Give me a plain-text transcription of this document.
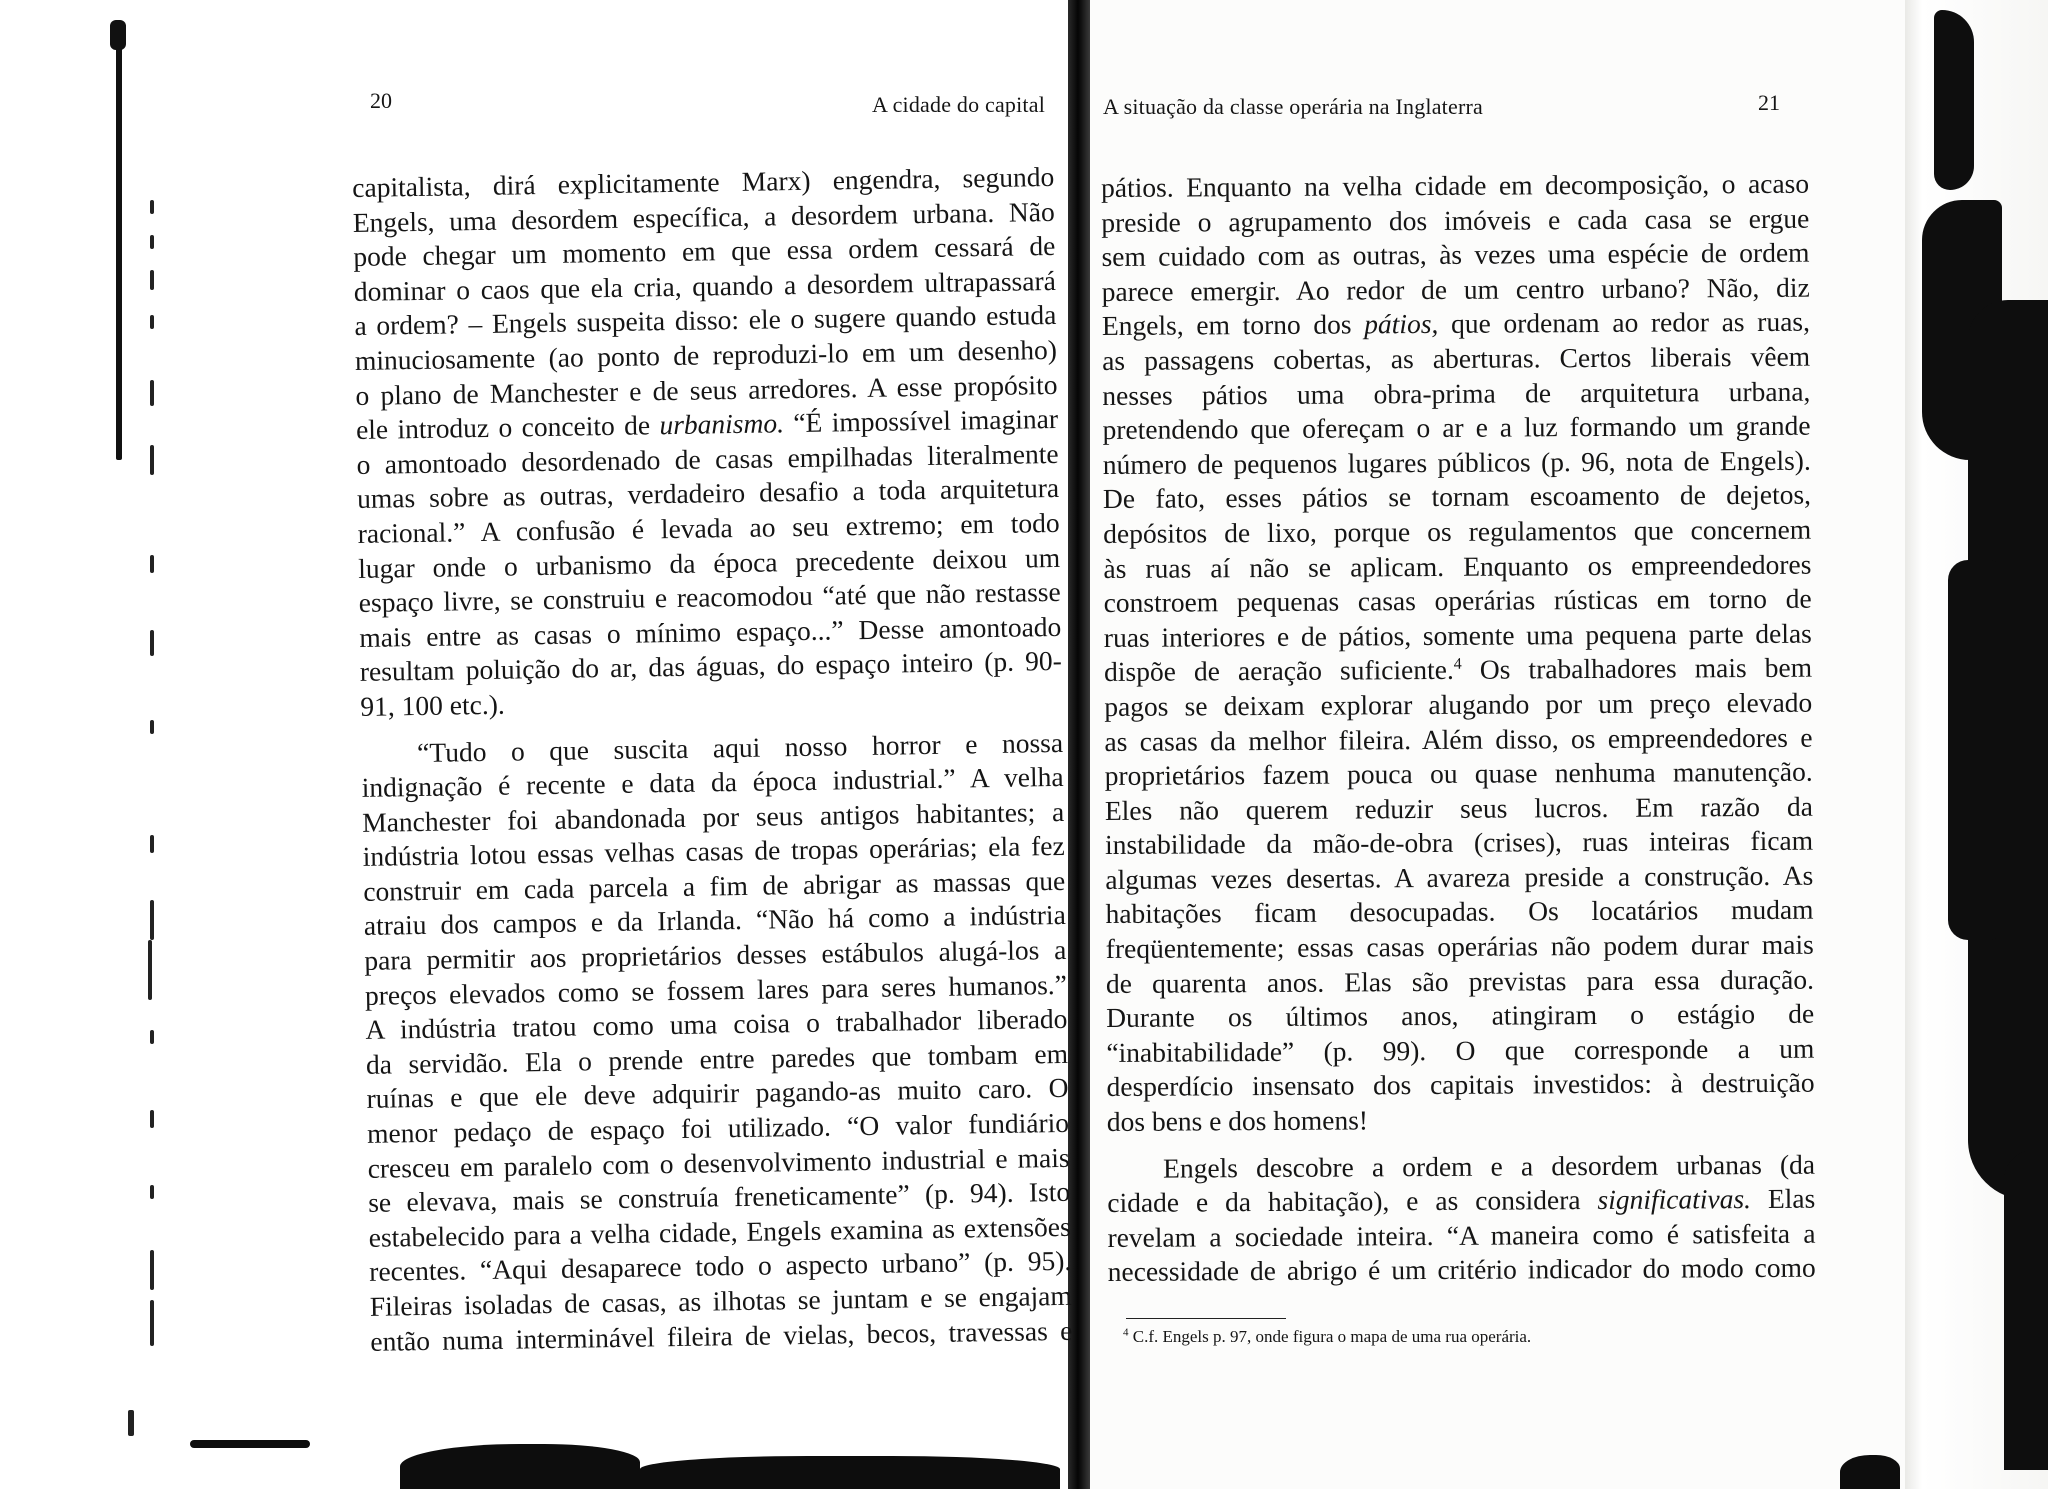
20	A cidade do capital	A situação da classe operária na Inglaterra	21
capitalista, dirá explicitamente Marx) engendra, segundo
Engels, uma desordem específica, a desordem urbana. Não
pode chegar um momento em que essa ordem cessará de
dominar o caos que ela cria, quando a desordem ultrapassará
a ordem? – Engels suspeita disso: ele o sugere quando estuda
minuciosamente (ao ponto de reproduzi-lo em um desenho)
o plano de Manchester e de seus arredores. A esse propósito
ele introduz o conceito de urbanismo. “É impossível imaginar
o amontoado desordenado de casas empilhadas literalmente
umas sobre as outras, verdadeiro desafio a toda arquitetura
racional.” A confusão é levada ao seu extremo; em todo
lugar onde o urbanismo da época precedente deixou um
espaço livre, se construiu e reacomodou “até que não restasse
mais entre as casas o mínimo espaço...” Desse amontoado
resultam poluição do ar, das águas, do espaço inteiro (p. 90-
91, 100 etc.).
“Tudo o que suscita aqui nosso horror e nossa
indignação é recente e data da época industrial.” A velha
Manchester foi abandonada por seus antigos habitantes; a
indústria lotou essas velhas casas de tropas operárias; ela fez
construir em cada parcela a fim de abrigar as massas que
atraiu dos campos e da Irlanda. “Não há como a indústria
para permitir aos proprietários desses estábulos alugá-los a
preços elevados como se fossem lares para seres humanos.”
A indústria tratou como uma coisa o trabalhador liberado
da servidão. Ela o prende entre paredes que tombam em
ruínas e que ele deve adquirir pagando-as muito caro. O
menor pedaço de espaço foi utilizado. “O valor fundiário
cresceu em paralelo com o desenvolvimento industrial e mais
se elevava, mais se construía freneticamente” (p. 94). Isto
estabelecido para a velha cidade, Engels examina as extensões
recentes. “Aqui desaparece todo o aspecto urbano” (p. 95).
Fileiras isoladas de casas, as ilhotas se juntam e se engajam
então numa interminável fileira de vielas, becos, travessas e
pátios. Enquanto na velha cidade em decomposição, o acaso
preside o agrupamento dos imóveis e cada casa se ergue
sem cuidado com as outras, às vezes uma espécie de ordem
parece emergir. Ao redor de um centro urbano? Não, diz
Engels, em torno dos pátios, que ordenam ao redor as ruas,
as passagens cobertas, as aberturas. Certos liberais vêem
nesses pátios uma obra-prima de arquitetura urbana,
pretendendo que ofereçam o ar e a luz formando um grande
número de pequenos lugares públicos (p. 96, nota de Engels).
De fato, esses pátios se tornam escoamento de dejetos,
depósitos de lixo, porque os regulamentos que concernem
às ruas aí não se aplicam. Enquanto os empreendedores
constroem pequenas casas operárias rústicas em torno de
ruas interiores e de pátios, somente uma pequena parte delas
dispõe de aeração suficiente.$^4$ Os trabalhadores mais bem
pagos se deixam explorar alugando por um preço elevado
as casas da melhor fileira. Além disso, os empreendedores e
proprietários fazem pouca ou quase nenhuma manutenção.
Eles não querem reduzir seus lucros. Em razão da
instabilidade da mão-de-obra (crises), ruas inteiras ficam
algumas vezes desertas. A avareza preside a construção. As
habitações ficam desocupadas. Os locatários mudam
freqüentemente; essas casas operárias não podem durar mais
de quarenta anos. Elas são previstas para essa duração.
Durante os últimos anos, atingiram o estágio de
“inabitabilidade” (p. 99). O que corresponde a um
desperdício insensato dos capitais investidos: à destruição
dos bens e dos homens!
Engels descobre a ordem e a desordem urbanas (da
cidade e da habitação), e as considera significativas. Elas
revelam a sociedade inteira. “A maneira como é satisfeita a
necessidade de abrigo é um critério indicador do modo como
$^4$ C.f. Engels p. 97, onde figura o mapa de uma rua operária.
